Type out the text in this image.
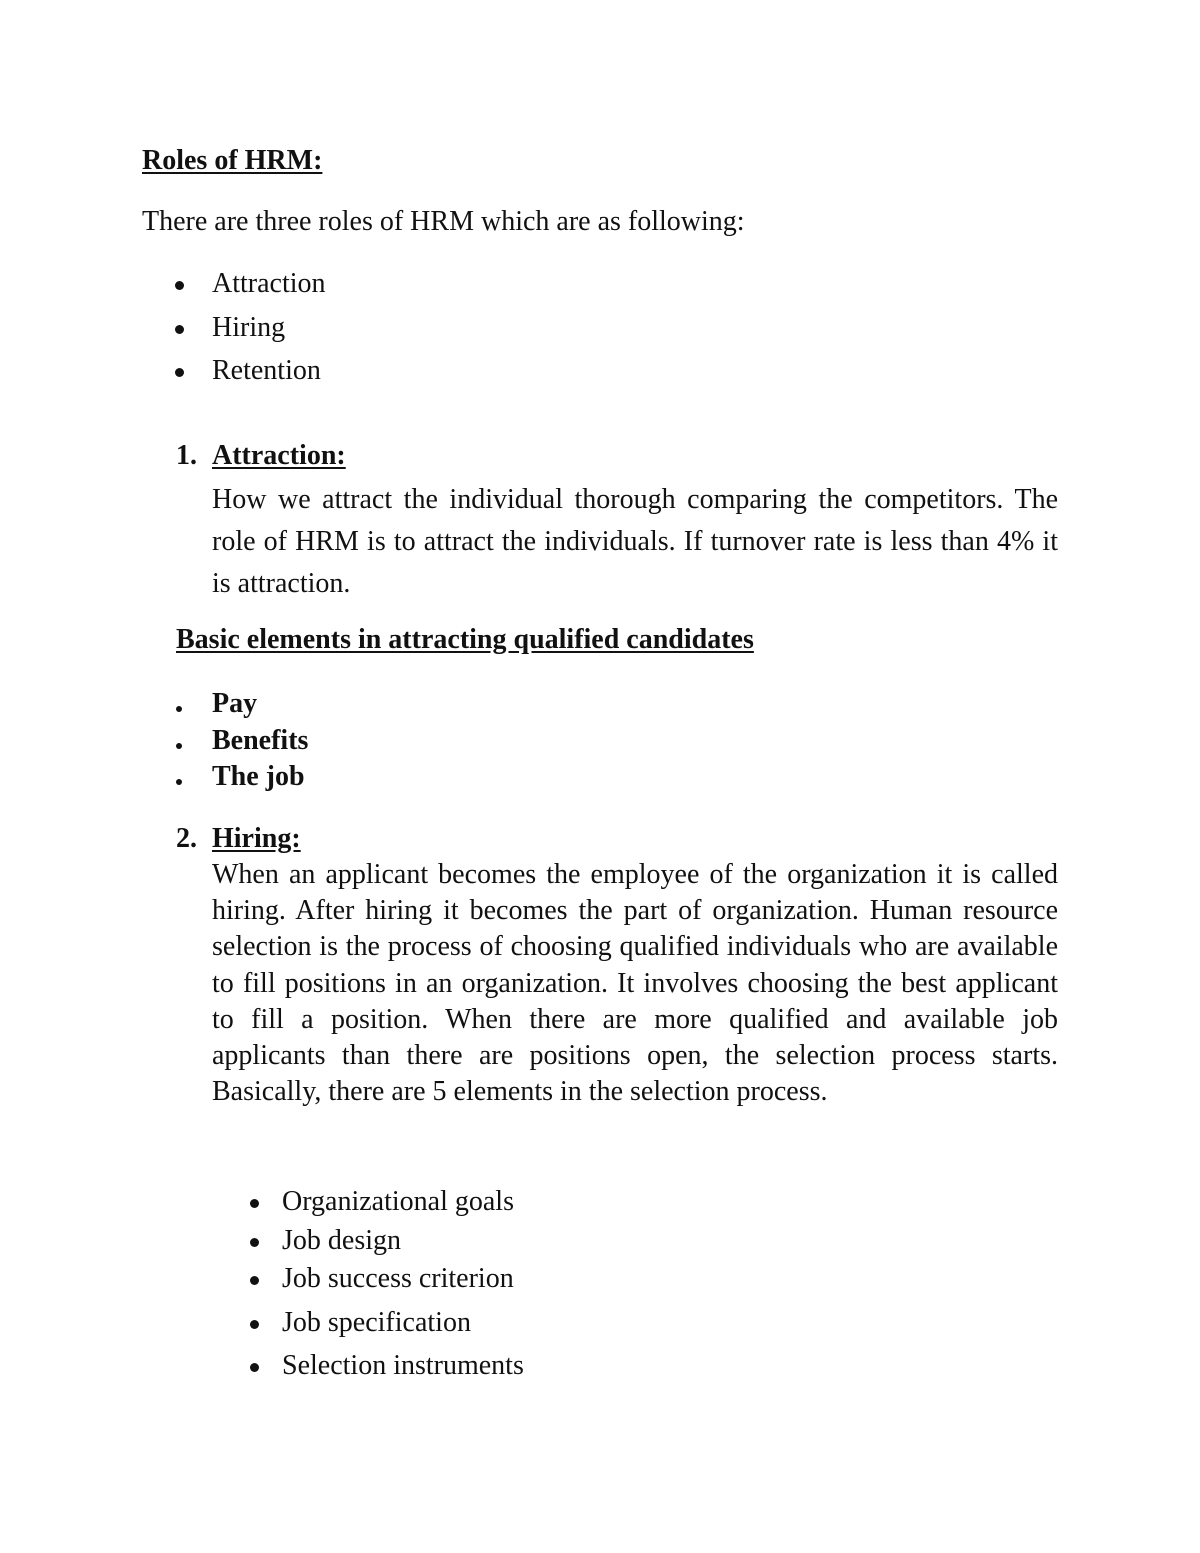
Roles of HRM:
There are three roles of HRM which are as following:
Attraction
Hiring
Retention
1. Attraction:

How we attract the individual thorough comparing the competitors. The role of HRM is to attract the individuals. If turnover rate is less than 4% it is attraction.

Basic elements in attracting qualified candidates
Pay
Benefits
The job
2. Hiring:

When an applicant becomes the employee of the organization it is called hiring. After hiring it becomes the part of organization. Human resource selection is the process of choosing qualified individuals who are available to fill positions in an organization. It involves choosing the best applicant to fill a position. When there are more qualified and available job applicants than there are positions open, the selection process starts. Basically, there are 5 elements in the selection process.

Organizational goals
Job design
Job success criterion
Job specification
Selection instruments
